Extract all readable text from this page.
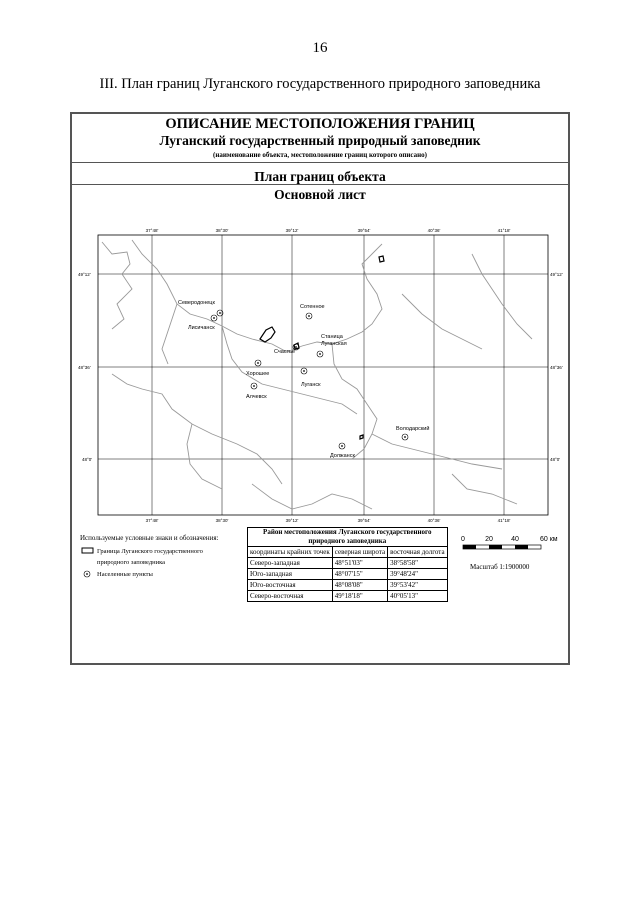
16
III. План границ Луганского государственного природного заповедника
ОПИСАНИЕ МЕСТОПОЛОЖЕНИЯ ГРАНИЦ
Луганский государственный природный заповедник
(наименование объекта, местоположение границ которого описано)
План границ объекта
Основной лист
37°48'	38°30'	39°12'	39°54'	40°36'	41°18'
37°48'	38°30'	39°12'	39°54'	40°36'	41°18'
49°12'
48°36'
48°0'
49°12'
48°36'
48°0'
Северодонецк
Лисичанск
Сотенное
Станица
Луганская
Счастье
Хорошее
Луганск
Алчевск
Володарский
Должанск
Используемые условные знаки и обозначения:
Граница Луганского государственного
природного заповедника
Населенные пункты
0	20	40	60 км
Масштаб 1:1900000
Район местоположения Луганского государственного
природного заповедника		
координаты крайних точек	северная широта	восточная долгота
Северо-западная	48°51'03"	38°58'58"
Юго-западная	48°07'15"	39°48'24"
Юго-восточная	48°08'08"	39°53'42"
Северо-восточная	49°18'18"	40°05'13"
